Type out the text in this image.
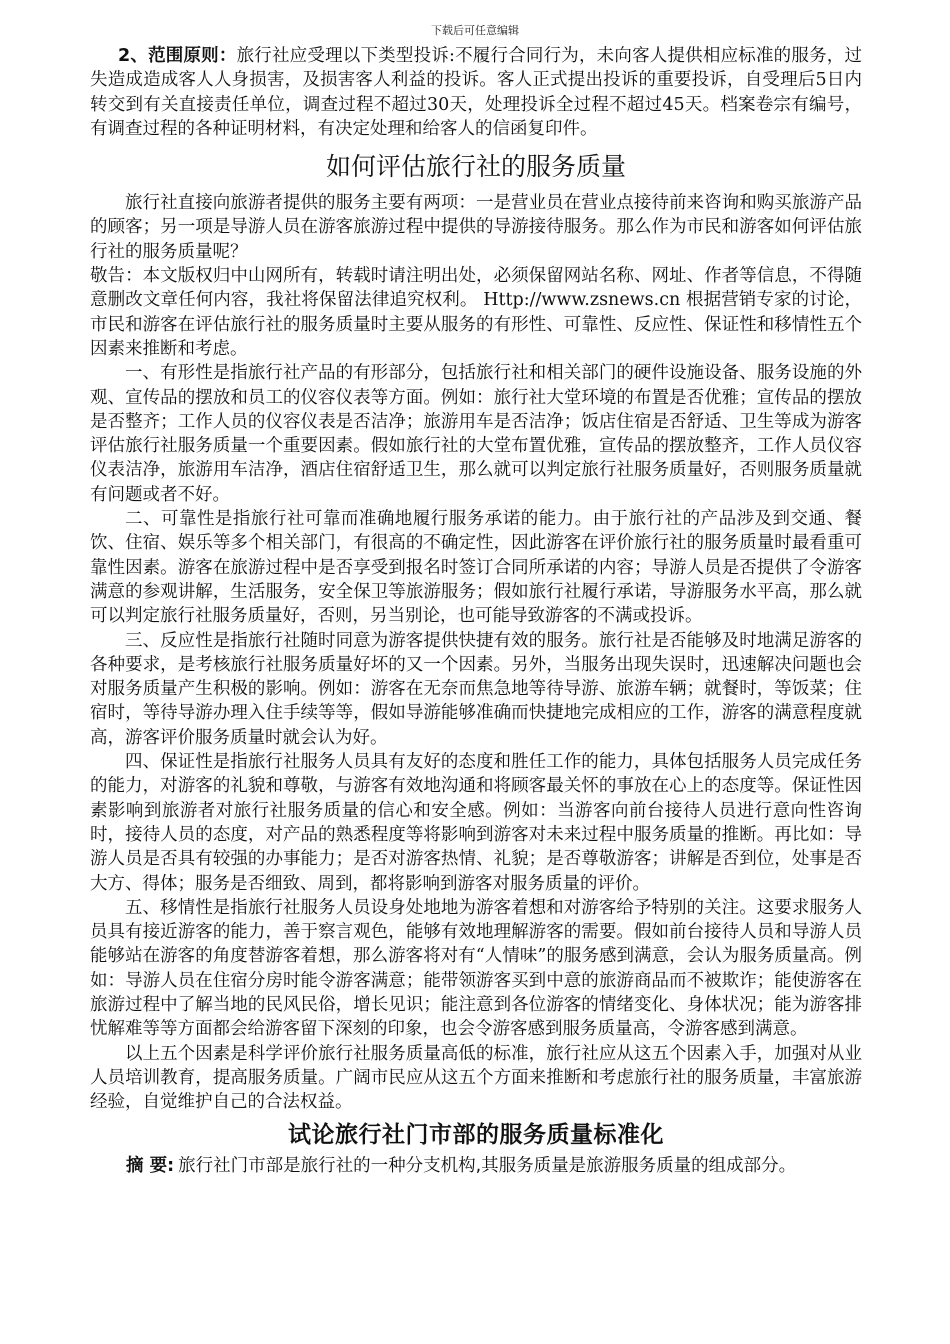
下载后可任意编辑

2、范围原则：旅行社应受理以下类型投诉:不履行合同行为，未向客人提供相应标准的服务，过失造成造成客人人身损害，及损害客人利益的投诉。客人正式提出投诉的重要投诉，自受理后5日内转交到有关直接责任单位，调查过程不超过30天，处理投诉全过程不超过45天。档案卷宗有编号，有调查过程的各种证明材料，有决定处理和给客人的信函复印件。

如何评估旅行社的服务质量

旅行社直接向旅游者提供的服务主要有两项：一是营业员在营业点接待前来咨询和购买旅游产品的顾客；另一项是导游人员在游客旅游过程中提供的导游接待服务。那么作为市民和游客如何评估旅行社的服务质量呢？

敬告：本文版权归中山网所有，转载时请注明出处，必须保留网站名称、网址、作者等信息，不得随意删改文章任何内容，我社将保留法律追究权利。 Http://www.zsnews.cn 根据营销专家的讨论，市民和游客在评估旅行社的服务质量时主要从服务的有形性、可靠性、反应性、保证性和移情性五个因素来推断和考虑。

一、有形性是指旅行社产品的有形部分，包括旅行社和相关部门的硬件设施设备、服务设施的外观、宣传品的摆放和员工的仪容仪表等方面。例如：旅行社大堂环境的布置是否优雅；宣传品的摆放是否整齐；工作人员的仪容仪表是否洁净；旅游用车是否洁净；饭店住宿是否舒适、卫生等成为游客评估旅行社服务质量一个重要因素。假如旅行社的大堂布置优雅，宣传品的摆放整齐，工作人员仪容仪表洁净，旅游用车洁净，酒店住宿舒适卫生，那么就可以判定旅行社服务质量好，否则服务质量就有问题或者不好。

二、可靠性是指旅行社可靠而准确地履行服务承诺的能力。由于旅行社的产品涉及到交通、餐饮、住宿、娱乐等多个相关部门，有很高的不确定性，因此游客在评价旅行社的服务质量时最看重可靠性因素。游客在旅游过程中是否享受到报名时签订合同所承诺的内容；导游人员是否提供了令游客满意的参观讲解，生活服务，安全保卫等旅游服务；假如旅行社履行承诺，导游服务水平高，那么就可以判定旅行社服务质量好，否则，另当别论，也可能导致游客的不满或投诉。

三、反应性是指旅行社随时同意为游客提供快捷有效的服务。旅行社是否能够及时地满足游客的各种要求，是考核旅行社服务质量好坏的又一个因素。另外，当服务出现失误时，迅速解决问题也会对服务质量产生积极的影响。例如：游客在无奈而焦急地等待导游、旅游车辆；就餐时，等饭菜；住宿时，等待导游办理入住手续等等，假如导游能够准确而快捷地完成相应的工作，游客的满意程度就高，游客评价服务质量时就会认为好。

四、保证性是指旅行社服务人员具有友好的态度和胜任工作的能力，具体包括服务人员完成任务的能力，对游客的礼貌和尊敬，与游客有效地沟通和将顾客最关怀的事放在心上的态度等。保证性因素影响到旅游者对旅行社服务质量的信心和安全感。例如：当游客向前台接待人员进行意向性咨询时，接待人员的态度，对产品的熟悉程度等将影响到游客对未来过程中服务质量的推断。再比如：导游人员是否具有较强的办事能力；是否对游客热情、礼貌；是否尊敬游客；讲解是否到位，处事是否大方、得体；服务是否细致、周到，都将影响到游客对服务质量的评价。

五、移情性是指旅行社服务人员设身处地地为游客着想和对游客给予特别的关注。这要求服务人员具有接近游客的能力，善于察言观色，能够有效地理解游客的需要。假如前台接待人员和导游人员能够站在游客的角度替游客着想，那么游客将对有“人情味”的服务感到满意，会认为服务质量高。例如：导游人员在住宿分房时能令游客满意；能带领游客买到中意的旅游商品而不被欺诈；能使游客在旅游过程中了解当地的民风民俗，增长见识；能注意到各位游客的情绪变化、身体状况；能为游客排忧解难等等方面都会给游客留下深刻的印象，也会令游客感到服务质量高，令游客感到满意。

以上五个因素是科学评价旅行社服务质量高低的标准，旅行社应从这五个因素入手，加强对从业人员培训教育，提高服务质量。广阔市民应从这五个方面来推断和考虑旅行社的服务质量，丰富旅游经验，自觉维护自己的合法权益。

试论旅行社门市部的服务质量标准化

摘 要: 旅行社门市部是旅行社的一种分支机构,其服务质量是旅游服务质量的组成部分。
